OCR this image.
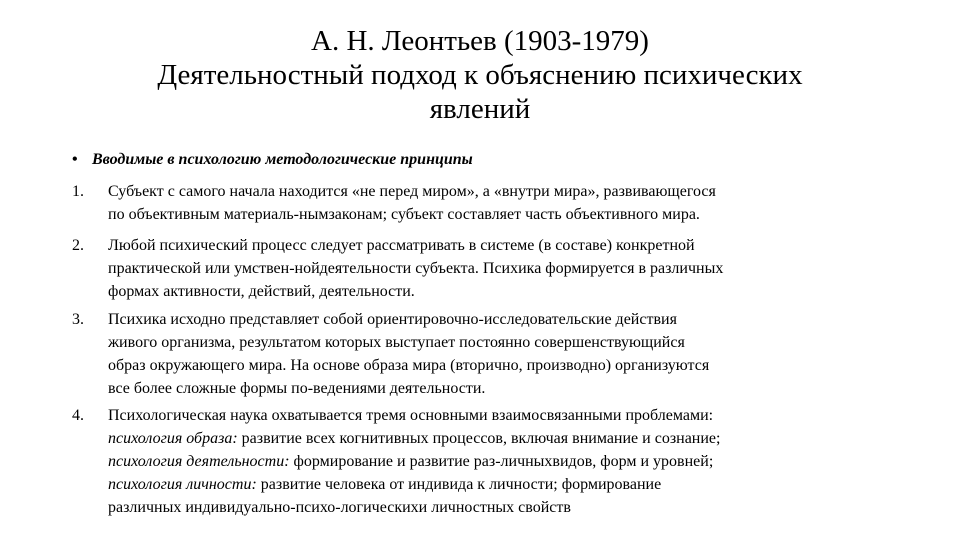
А. Н. Леонтьев (1903-1979)
Деятельностный подход к объяснению психических
явлений
• Вводимые в психологию методологические принципы
1.	Субъект с самого начала находится «не перед миром», а «внутри мира», развивающегося
по объективным материаль-нымзаконам; субъект составляет часть объективного мира.
2.	Любой психический процесс следует рассматривать в системе (в составе) конкретной
практической или умствен-нойдеятельности субъекта. Психика формируется в различных
формах активности, действий, деятельности.
3.	Психика исходно представляет собой ориентировочно-исследовательские действия
живого организма, результатом которых выступает постоянно совершенствующийся
образ окружающего мира. На основе образа мира (вторично, производно) организуются
все более сложные формы по-ведениями деятельности.
4.	Психологическая наука охватывается тремя основными взаимосвязанными проблемами:
психология образа: развитие всех когнитивных процессов, включая внимание и сознание;
психология деятельности: формирование и развитие раз-личныхвидов, форм и уровней;
психология личности: развитие человека от индивида к личности; формирование
различных индивидуально-психо-логическихи личностных свойств
